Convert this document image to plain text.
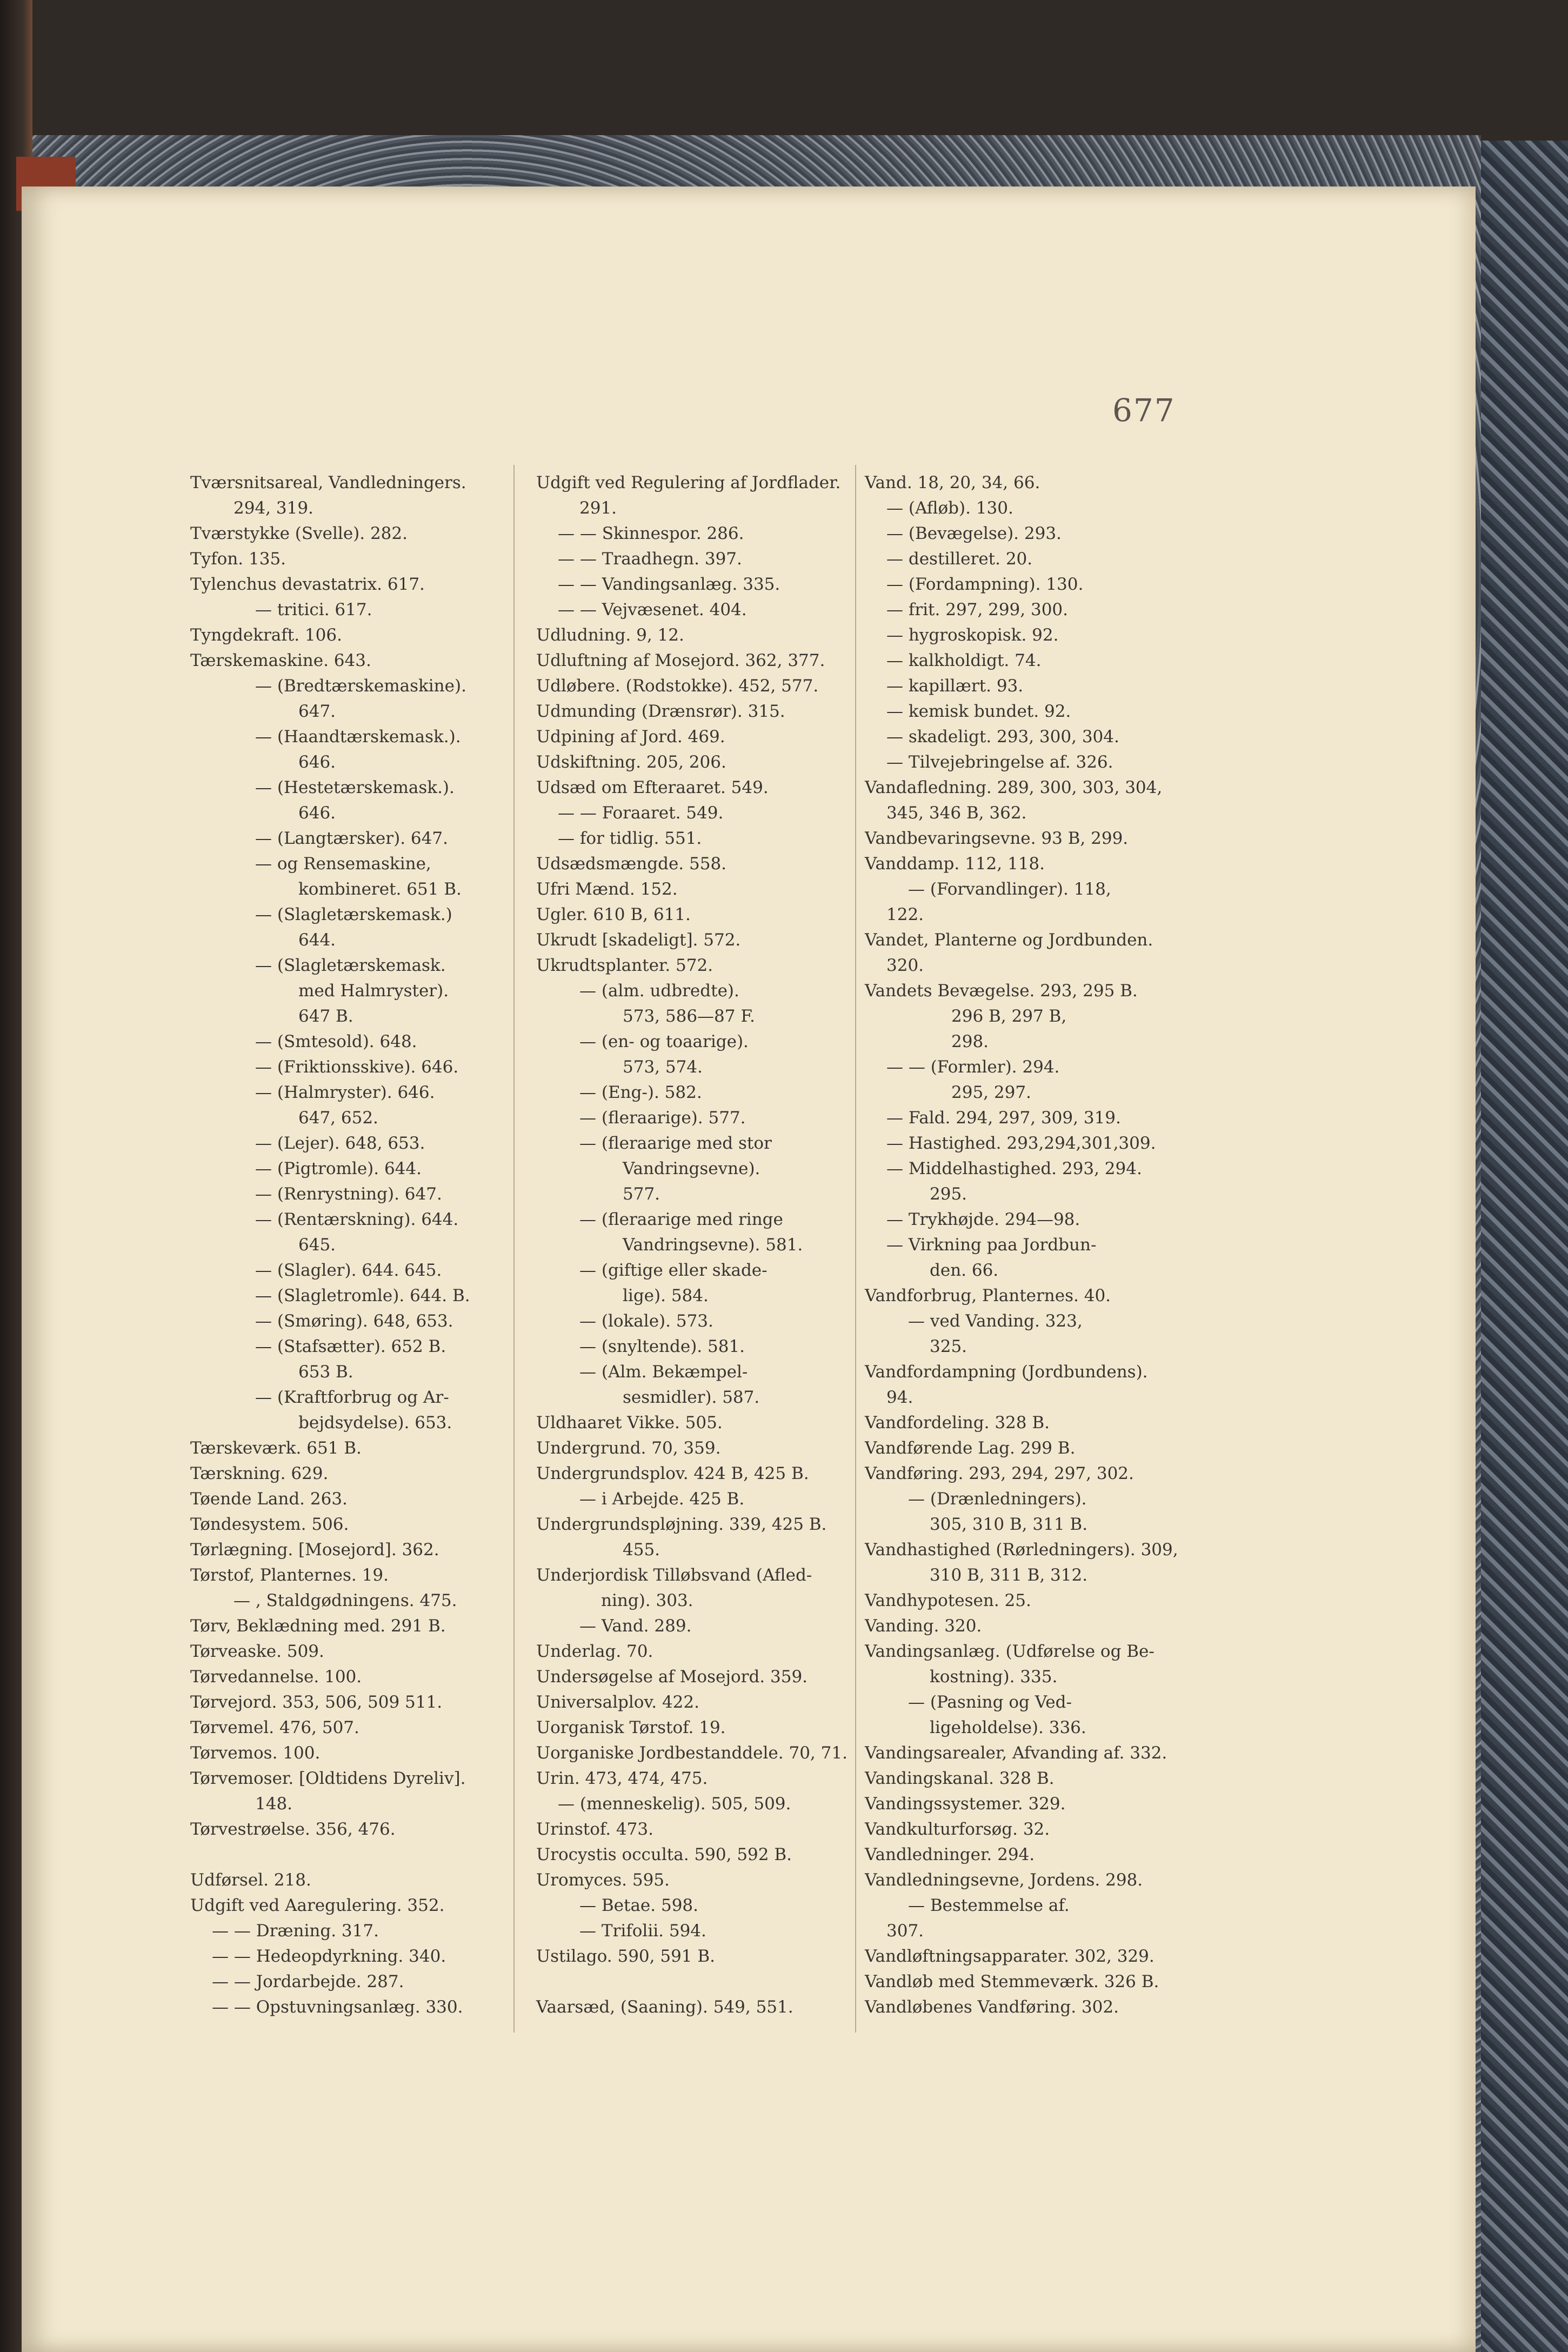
677
Tværsnitsareal, Vandledningers.
294, 319.
Tværstykke (Svelle). 282.
Tyfon. 135.
Tylenchus devastatrix. 617.
— tritici. 617.
Tyngdekraft. 106.
Tærskemaskine. 643.
— (Bredtærskemaskine).
647.
— (Haandtærskemask.).
646.
— (Hestetærskemask.).
646.
— (Langtærsker). 647.
— og Rensemaskine,
kombineret. 651 B.
— (Slagletærskemask.)
644.
— (Slagletærskemask.
med Halmryster).
647 B.
— (Smtesold). 648.
— (Friktionsskive). 646.
— (Halmryster). 646.
647, 652.
— (Lejer). 648, 653.
— (Pigtromle). 644.
— (Renrystning). 647.
— (Rentærskning). 644.
645.
— (Slagler). 644. 645.
— (Slagletromle). 644. B.
— (Smøring). 648, 653.
— (Stafsætter). 652 B.
653 B.
— (Kraftforbrug og Ar-
bejdsydelse). 653.
Tærskeværk. 651 B.
Tærskning. 629.
Tøende Land. 263.
Tøndesystem. 506.
Tørlægning. [Mosejord]. 362.
Tørstof, Planternes. 19.
— , Staldgødningens. 475.
Tørv, Beklædning med. 291 B.
Tørveaske. 509.
Tørvedannelse. 100.
Tørvejord. 353, 506, 509 511.
Tørvemel. 476, 507.
Tørvemos. 100.
Tørvemoser. [Oldtidens Dyreliv].
148.
Tørvestrøelse. 356, 476.
Udførsel. 218.
Udgift ved Aaregulering. 352.
— — Dræning. 317.
— — Hedeopdyrkning. 340.
— — Jordarbejde. 287.
— — Opstuvningsanlæg. 330.
Udgift ved Regulering af Jordflader.
291.
— — Skinnespor. 286.
— — Traadhegn. 397.
— — Vandingsanlæg. 335.
— — Vejvæsenet. 404.
Udludning. 9, 12.
Udluftning af Mosejord. 362, 377.
Udløbere. (Rodstokke). 452, 577.
Udmunding (Drænsrør). 315.
Udpining af Jord. 469.
Udskiftning. 205, 206.
Udsæd om Efteraaret. 549.
— — Foraaret. 549.
— for tidlig. 551.
Udsædsmængde. 558.
Ufri Mænd. 152.
Ugler. 610 B, 611.
Ukrudt [skadeligt]. 572.
Ukrudtsplanter. 572.
— (alm. udbredte).
573, 586—87 F.
— (en- og toaarige).
573, 574.
— (Eng-). 582.
— (fleraarige). 577.
— (fleraarige med stor
Vandringsevne).
577.
— (fleraarige med ringe
Vandringsevne). 581.
— (giftige eller skade-
lige). 584.
— (lokale). 573.
— (snyltende). 581.
— (Alm. Bekæmpel-
sesmidler). 587.
Uldhaaret Vikke. 505.
Undergrund. 70, 359.
Undergrundsplov. 424 B, 425 B.
— i Arbejde. 425 B.
Undergrundspløjning. 339, 425 B.
455.
Underjordisk Tilløbsvand (Afled-
ning). 303.
— Vand. 289.
Underlag. 70.
Undersøgelse af Mosejord. 359.
Universalplov. 422.
Uorganisk Tørstof. 19.
Uorganiske Jordbestanddele. 70, 71.
Urin. 473, 474, 475.
— (menneskelig). 505, 509.
Urinstof. 473.
Urocystis occulta. 590, 592 B.
Uromyces. 595.
— Betae. 598.
— Trifolii. 594.
Ustilago. 590, 591 B.
Vaarsæd, (Saaning). 549, 551.
Vand. 18, 20, 34, 66.
— (Afløb). 130.
— (Bevægelse). 293.
— destilleret. 20.
— (Fordampning). 130.
— frit. 297, 299, 300.
— hygroskopisk. 92.
— kalkholdigt. 74.
— kapillært. 93.
— kemisk bundet. 92.
— skadeligt. 293, 300, 304.
— Tilvejebringelse af. 326.
Vandafledning. 289, 300, 303, 304,
345, 346 B, 362.
Vandbevaringsevne. 93 B, 299.
Vanddamp. 112, 118.
— (Forvandlinger). 118,
122.
Vandet, Planterne og Jordbunden.
320.
Vandets Bevægelse. 293, 295 B.
296 B, 297 B,
298.
— — (Formler). 294.
295, 297.
— Fald. 294, 297, 309, 319.
— Hastighed. 293,294,301,309.
— Middelhastighed. 293, 294.
295.
— Trykhøjde. 294—98.
— Virkning paa Jordbun-
den. 66.
Vandforbrug, Planternes. 40.
— ved Vanding. 323,
325.
Vandfordampning (Jordbundens).
94.
Vandfordeling. 328 B.
Vandførende Lag. 299 B.
Vandføring. 293, 294, 297, 302.
— (Drænledningers).
305, 310 B, 311 B.
Vandhastighed (Rørledningers). 309,
310 B, 311 B, 312.
Vandhypotesen. 25.
Vanding. 320.
Vandingsanlæg. (Udførelse og Be-
kostning). 335.
— (Pasning og Ved-
ligeholdelse). 336.
Vandingsarealer, Afvanding af. 332.
Vandingskanal. 328 B.
Vandingssystemer. 329.
Vandkulturforsøg. 32.
Vandledninger. 294.
Vandledningsevne, Jordens. 298.
— Bestemmelse af.
307.
Vandløftningsapparater. 302, 329.
Vandløb med Stemmeværk. 326 B.
Vandløbenes Vandføring. 302.
